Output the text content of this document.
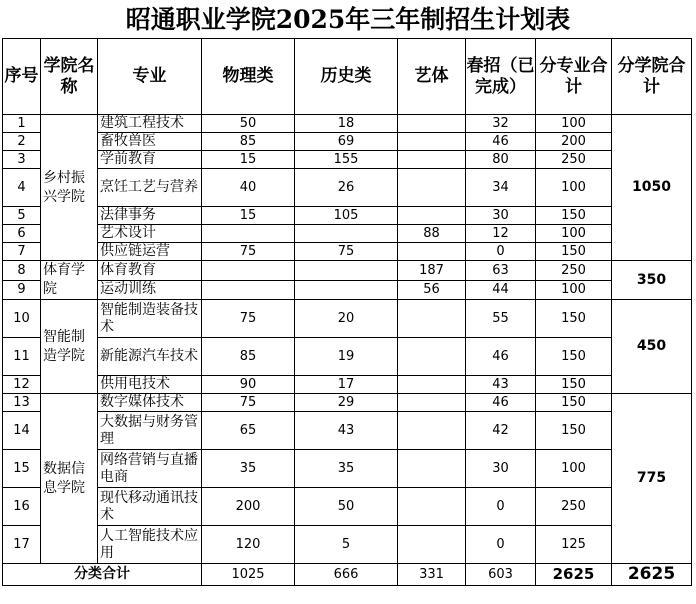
昭通职业学院2025年三年制招生计划表
序号	学院名称	专业	物理类	历史类	艺体	春招（已完成）	分专业合计	分学院合计
1	乡村振兴学院	建筑工程技术	50	18		32	100	1050
2		畜牧兽医	85	69		46	200	
3		学前教育	15	155		80	250	
4		烹饪工艺与营养	40	26		34	100	
5		法律事务	15	105		30	150	
6		艺术设计			88	12	100	
7		供应链运营	75	75		0	150	
8	体育学院	体育教育			187	63	250	350
9		运动训练			56	44	100	
10	智能制造学院	智能制造装备技术	75	20		55	150	450
11		新能源汽车技术	85	19		46	150	
12		供用电技术	90	17		43	150	
13	数据信息学院	数字媒体技术	75	29		46	150	775
14		大数据与财务管理	65	43		42	150	
15		网络营销与直播电商	35	35		30	100	
16		现代移动通讯技术	200	50		0	250	
17		人工智能技术应用	120	5		0	125	
分类合计			1025	666	331	603	2625	2625
